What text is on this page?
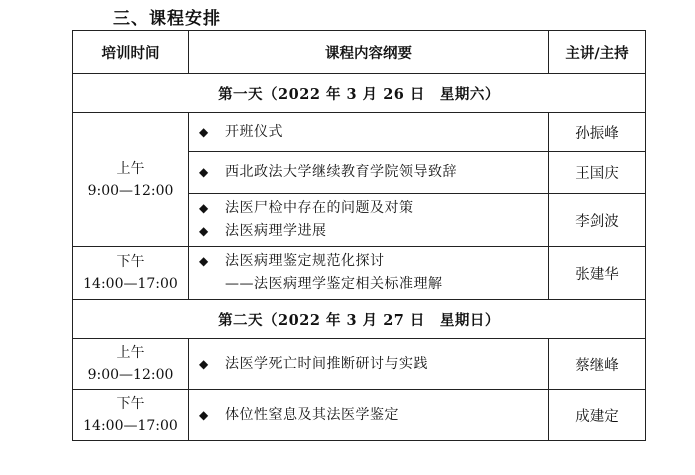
三、课程安排
培训时间	课程内容纲要	主讲/主持
第一天（2022 年 3 月 26 日　星期六）		

上午
9:00—12:00	◆ 开班仪式	孙振峰

	◆ 西北政法大学继续教育学院领导致辞	王国庆

	◆ 法医尸检中存在的问题及对策
◆ 法医病理学进展	李剑波

下午
14:00—17:00	◆ 法医病理鉴定规范化探讨
——法医病理学鉴定相关标准理解	张建华
第二天（2022 年 3 月 27 日　星期日）		

上午
9:00—12:00	◆ 法医学死亡时间推断研讨与实践	蔡继峰

下午
14:00—17:00	◆ 体位性窒息及其法医学鉴定	成建定
